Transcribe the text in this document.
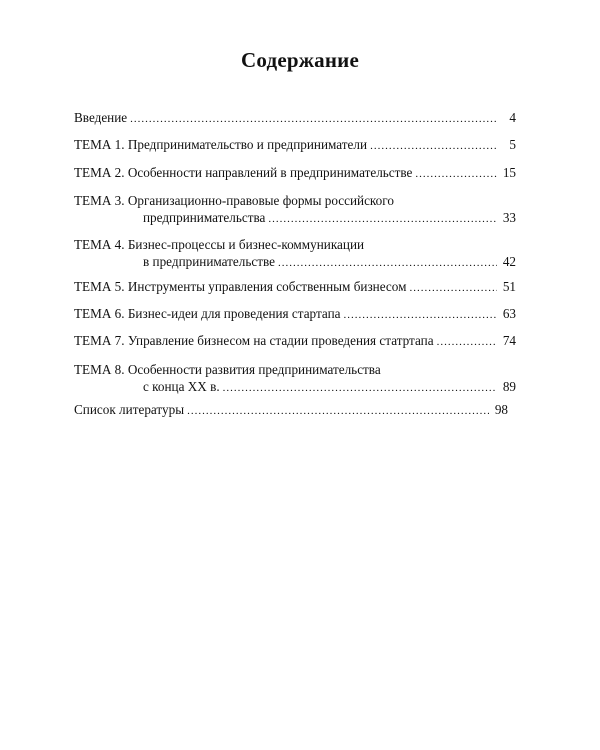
Содержание
Введение .....	4
ТЕМА 1. Предпринимательство и предприниматели .....	5
ТЕМА 2. Особенности направлений в предпринимательстве .....	15
ТЕМА 3. Организационно-правовые формы российского
предпринимательства .....	33
ТЕМА 4. Бизнес-процессы и бизнес-коммуникации
в предпринимательстве .....	42
ТЕМА 5. Инструменты управления собственным бизнесом .....	51
ТЕМА 6. Бизнес-идеи для проведения стартапа .....	63
ТЕМА 7. Управление бизнесом на стадии проведения статртапа .....	74
ТЕМА 8. Особенности развития предпринимательства
с конца XX в. .....	89
Список литературы .....	98
